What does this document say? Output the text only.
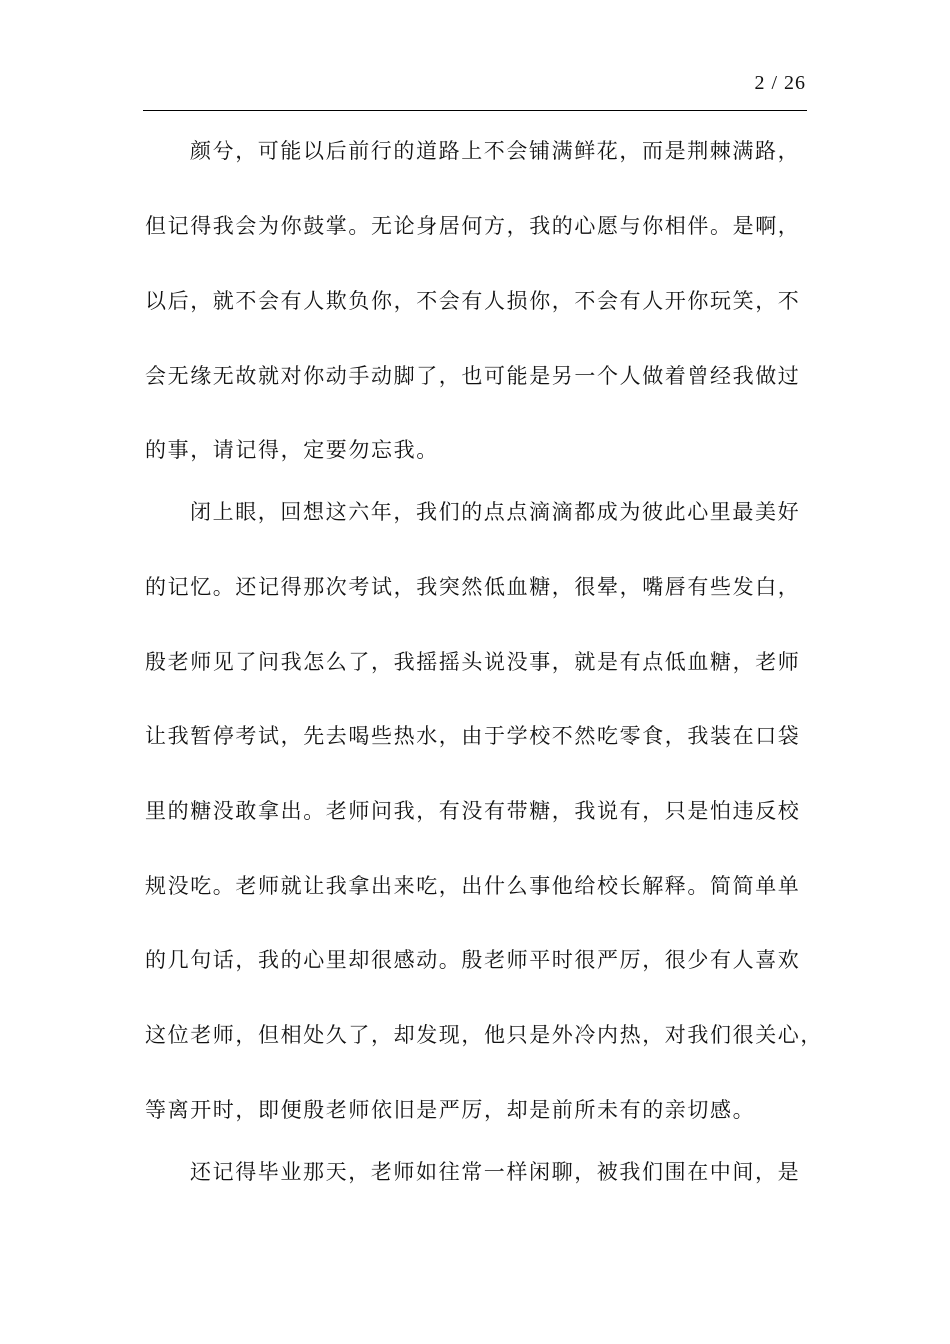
2 / 26
颜兮，可能以后前行的道路上不会铺满鲜花，而是荆棘满路，
但记得我会为你鼓掌。无论身居何方，我的心愿与你相伴。是啊，
以后，就不会有人欺负你，不会有人损你，不会有人开你玩笑，不
会无缘无故就对你动手动脚了，也可能是另一个人做着曾经我做过
的事，请记得，定要勿忘我。
闭上眼，回想这六年，我们的点点滴滴都成为彼此心里最美好
的记忆。还记得那次考试，我突然低血糖，很晕，嘴唇有些发白，
殷老师见了问我怎么了，我摇摇头说没事，就是有点低血糖，老师
让我暂停考试，先去喝些热水，由于学校不然吃零食，我装在口袋
里的糖没敢拿出。老师问我，有没有带糖，我说有，只是怕违反校
规没吃。老师就让我拿出来吃，出什么事他给校长解释。简简单单
的几句话，我的心里却很感动。殷老师平时很严厉，很少有人喜欢
这位老师，但相处久了，却发现，他只是外冷内热，对我们很关心，
等离开时，即便殷老师依旧是严厉，却是前所未有的亲切感。
还记得毕业那天，老师如往常一样闲聊，被我们围在中间，是
